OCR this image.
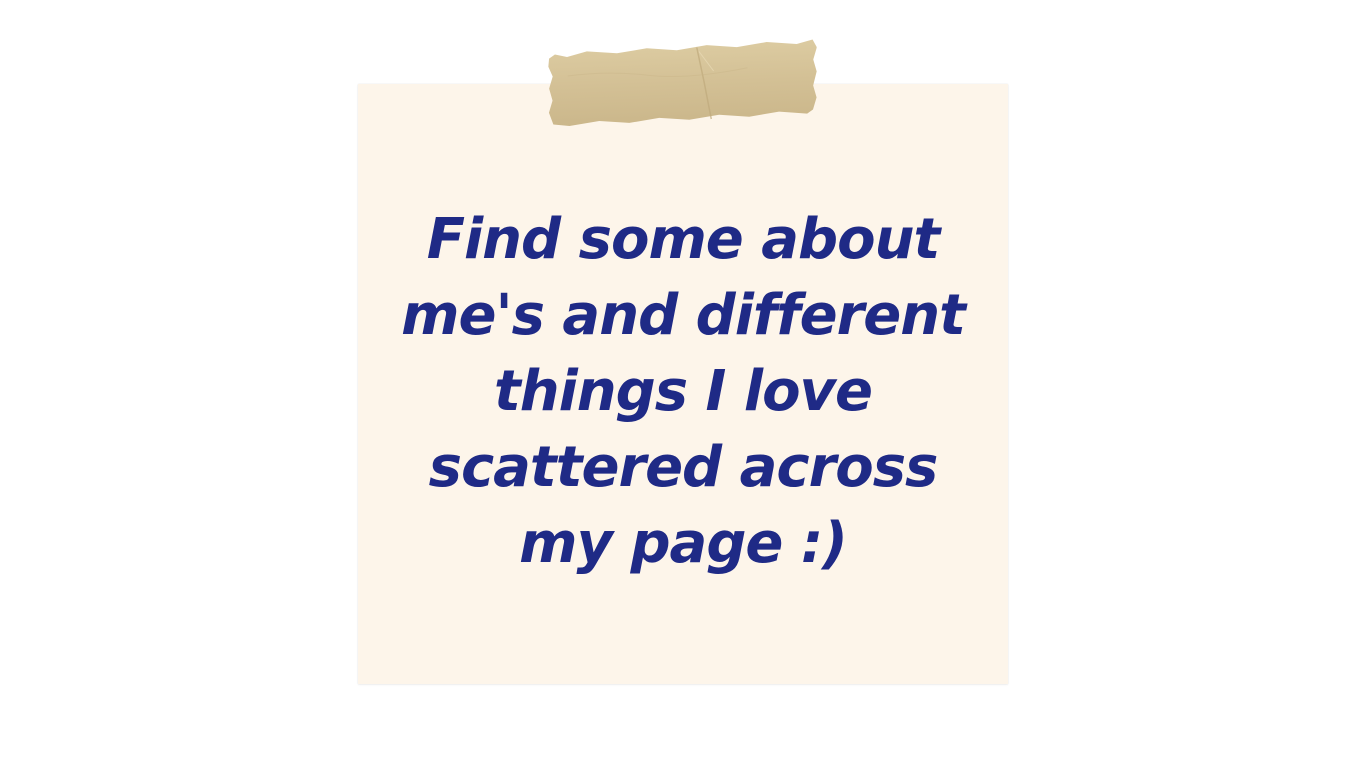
Find some about
me's and different
things I love
scattered across
my page :)
